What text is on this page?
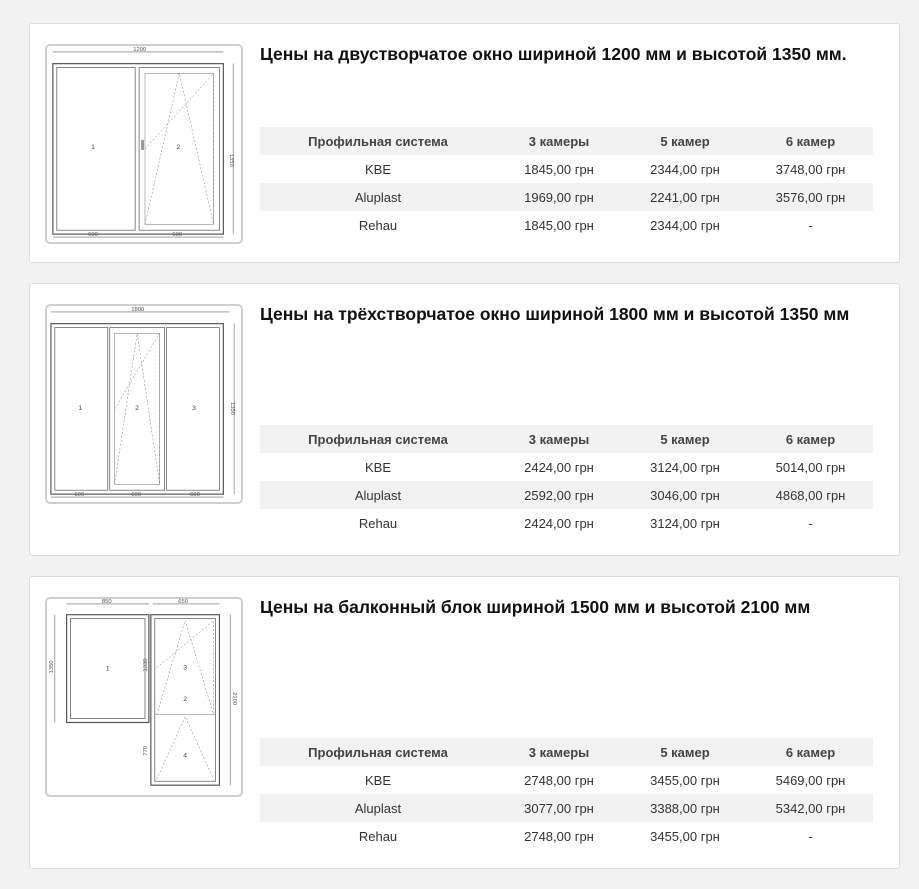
1200
1	2
1350
600	600
Цены на двустворчатое окно шириной 1200 мм и высотой 1350 мм.
Профильная система	3 камеры	5 камер	6 камер
KBE	1845,00 грн	2344,00 грн	3748,00 грн
Aluplast	1969,00 грн	2241,00 грн	3576,00 грн
Rehau	1845,00 грн	2344,00 грн	-
1800
1	2	3	1350
600	600	600
Цены на трёхстворчатое окно шириной 1800 мм и высотой 1350 мм
Профильная система	3 камеры	5 камер	6 камер
KBE	2424,00 грн	3124,00 грн	5014,00 грн
Aluplast	2592,00 грн	3046,00 грн	4868,00 грн
Rehau	2424,00 грн	3124,00 грн	-
850	650
1	3
2
4
1350	1330
770
2100
Цены на балконный блок шириной 1500 мм и высотой 2100 мм
Профильная система	3 камеры	5 камер	6 камер
KBE	2748,00 грн	3455,00 грн	5469,00 грн
Aluplast	3077,00 грн	3388,00 грн	5342,00 грн
Rehau	2748,00 грн	3455,00 грн	-
